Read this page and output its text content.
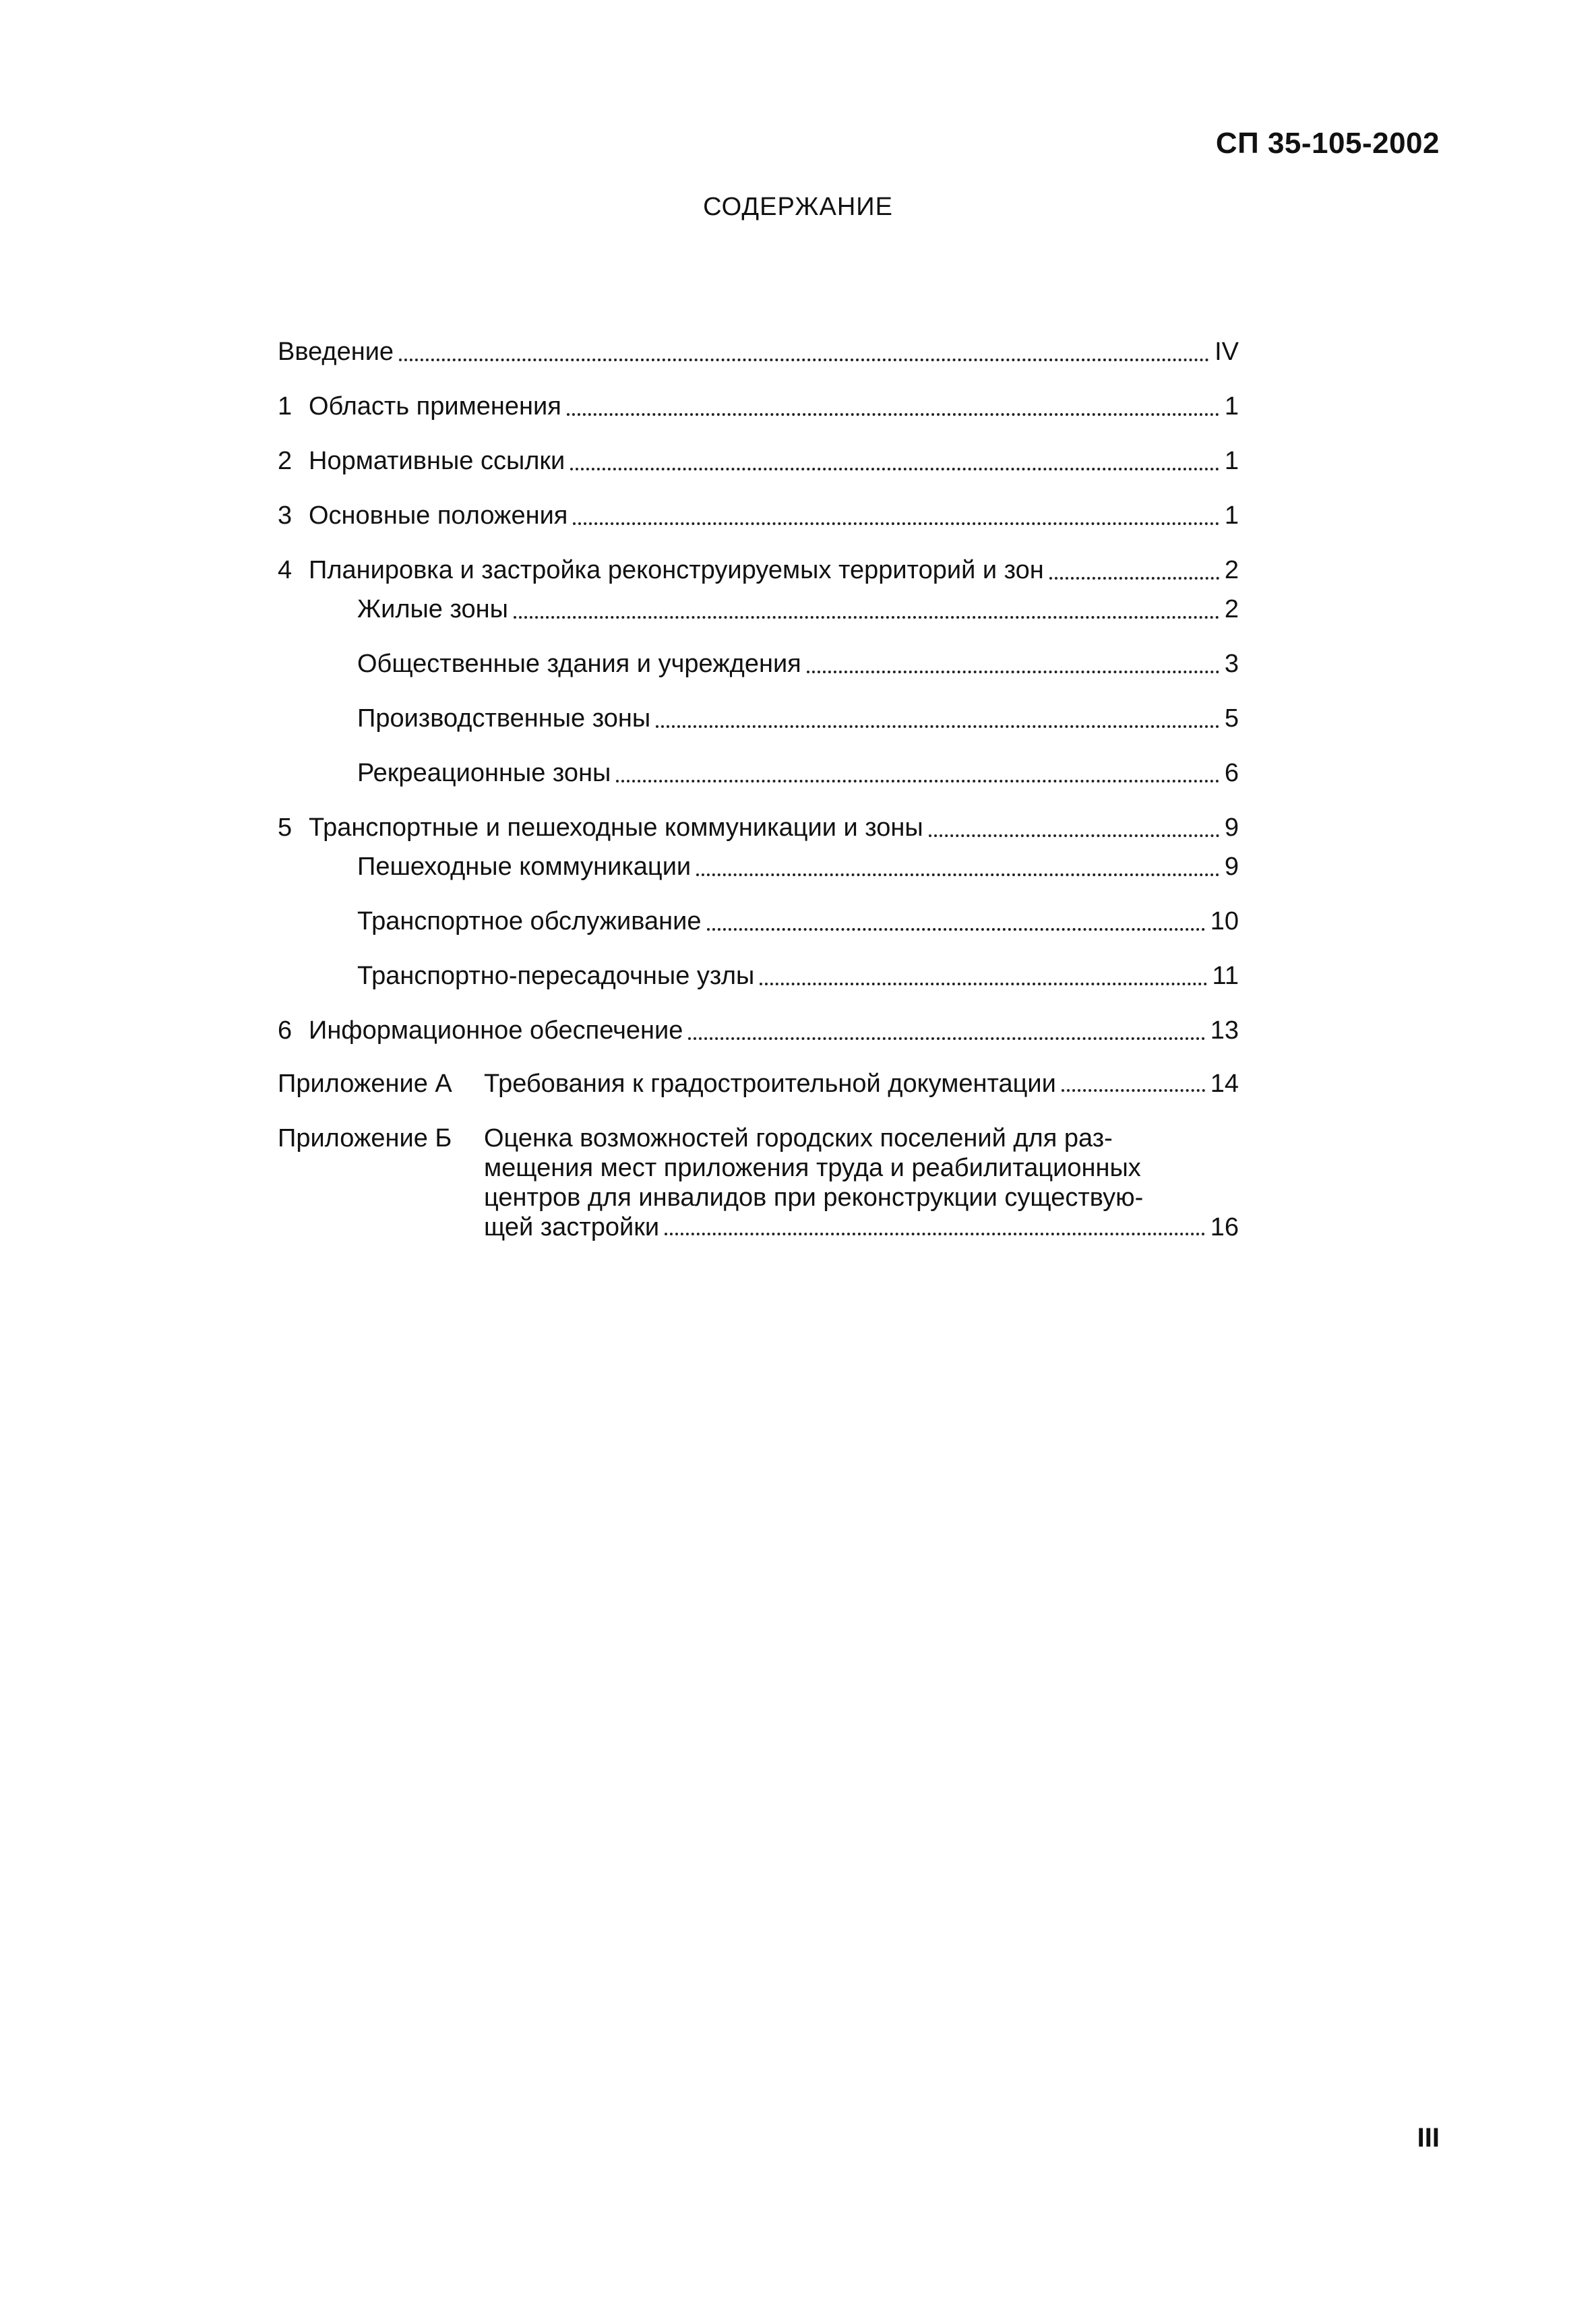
СП 35-105-2002
СОДЕРЖАНИЕ
Введение	IV
1 Область применения	1
2 Нормативные ссылки	1
3 Основные положения	1
4 Планировка и застройка реконструируемых территорий и зон	2
Жилые зоны	2
Общественные здания и учреждения	3
Производственные зоны	5
Рекреационные зоны	6
5 Транспортные и пешеходные коммуникации и зоны	9
Пешеходные коммуникации	9
Транспортное обслуживание	10
Транспортно-пересадочные узлы	11
6 Информационное обеспечение	13
Приложение А	Требования к градостроительной документации	14
Приложение Б	Оценка возможностей городских поселений для раз-
мещения мест приложения труда и реабилитационных
центров для инвалидов при реконструкции существую-
щей застройки	16
III
